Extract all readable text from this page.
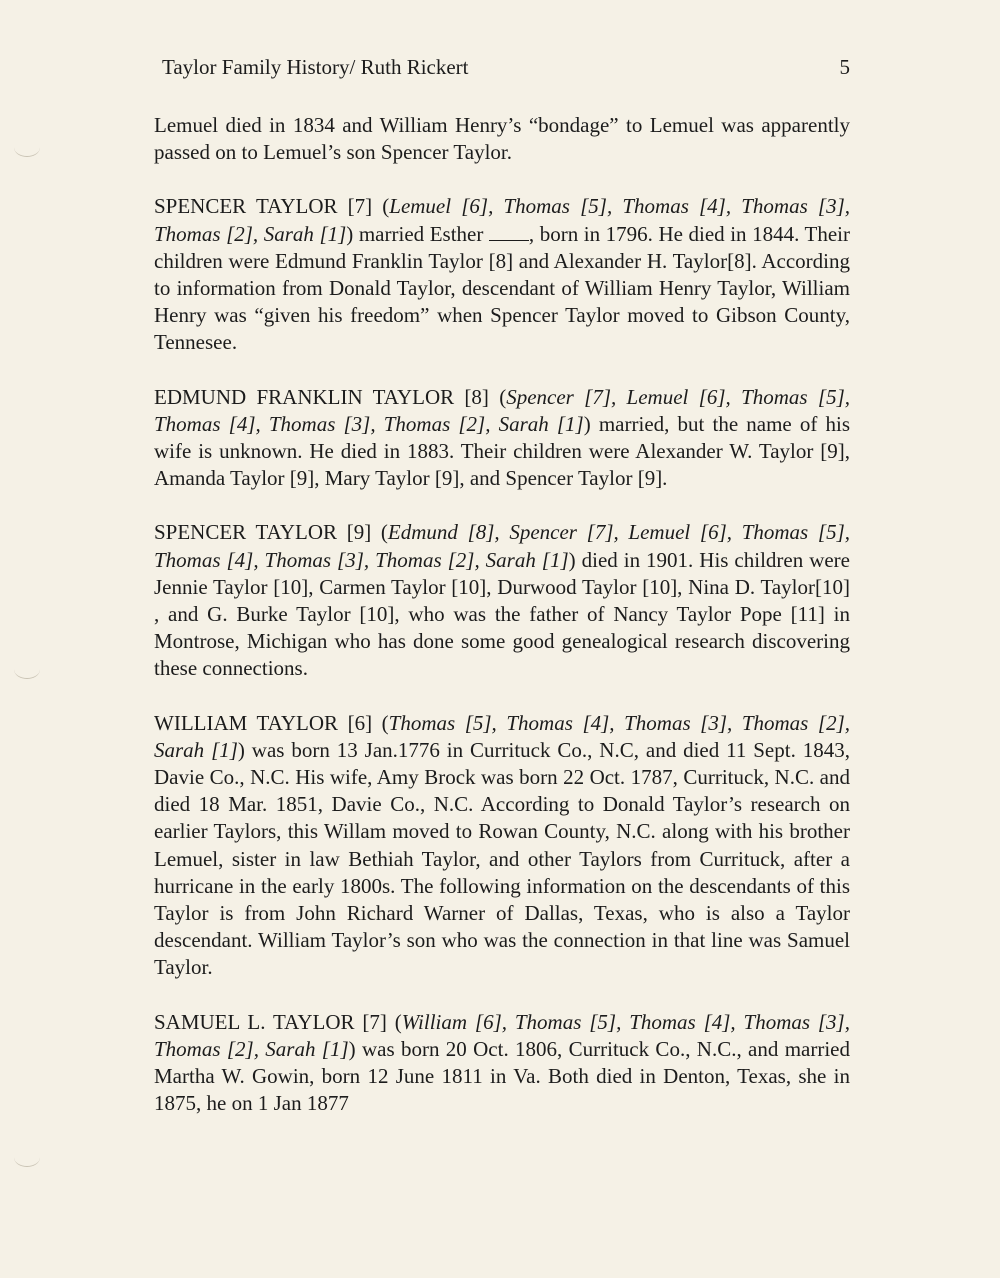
Taylor Family History/ Ruth Rickert	5

Lemuel died in 1834 and William Henry’s “bondage” to Lemuel was apparently passed on to Lemuel’s son Spencer Taylor.

SPENCER TAYLOR [7] (Lemuel [6], Thomas [5], Thomas [4], Thomas [3], Thomas [2], Sarah [1]) married Esther , born in 1796. He died in 1844. Their children were Edmund Franklin Taylor [8] and Alexander H. Taylor[8]. According to information from Donald Taylor, descendant of William Henry Taylor, William Henry was “given his freedom” when Spencer Taylor moved to Gibson County, Tennesee.

EDMUND FRANKLIN TAYLOR [8] (Spencer [7], Lemuel [6], Thomas [5], Thomas [4], Thomas [3], Thomas [2], Sarah [1]) married, but the name of his wife is unknown. He died in 1883. Their children were Alexander W. Taylor [9], Amanda Taylor [9], Mary Taylor [9], and Spencer Taylor [9].

SPENCER TAYLOR [9] (Edmund [8], Spencer [7], Lemuel [6], Thomas [5], Thomas [4], Thomas [3], Thomas [2], Sarah [1]) died in 1901. His children were Jennie Taylor [10], Carmen Taylor [10], Durwood Taylor [10], Nina D. Taylor[10] , and G. Burke Taylor [10], who was the father of Nancy Taylor Pope [11] in Montrose, Michigan who has done some good genealogical research discovering these connections.

WILLIAM TAYLOR [6] (Thomas [5], Thomas [4], Thomas [3], Thomas [2], Sarah [1]) was born 13 Jan.1776 in Currituck Co., N.C, and died 11 Sept. 1843, Davie Co., N.C. His wife, Amy Brock was born 22 Oct. 1787, Currituck, N.C. and died 18 Mar. 1851, Davie Co., N.C. According to Donald Taylor’s research on earlier Taylors, this Willam moved to Rowan County, N.C. along with his brother Lemuel, sister in law Bethiah Taylor, and other Taylors from Currituck, after a hurricane in the early 1800s. The following information on the descendants of this Taylor is from John Richard Warner of Dallas, Texas, who is also a Taylor descendant. William Taylor’s son who was the connection in that line was Samuel Taylor.

SAMUEL L. TAYLOR [7] (William [6], Thomas [5], Thomas [4], Thomas [3], Thomas [2], Sarah [1]) was born 20 Oct. 1806, Currituck Co., N.C., and married Martha W. Gowin, born 12 June 1811 in Va. Both died in Denton, Texas, she in 1875, he on 1 Jan 1877
